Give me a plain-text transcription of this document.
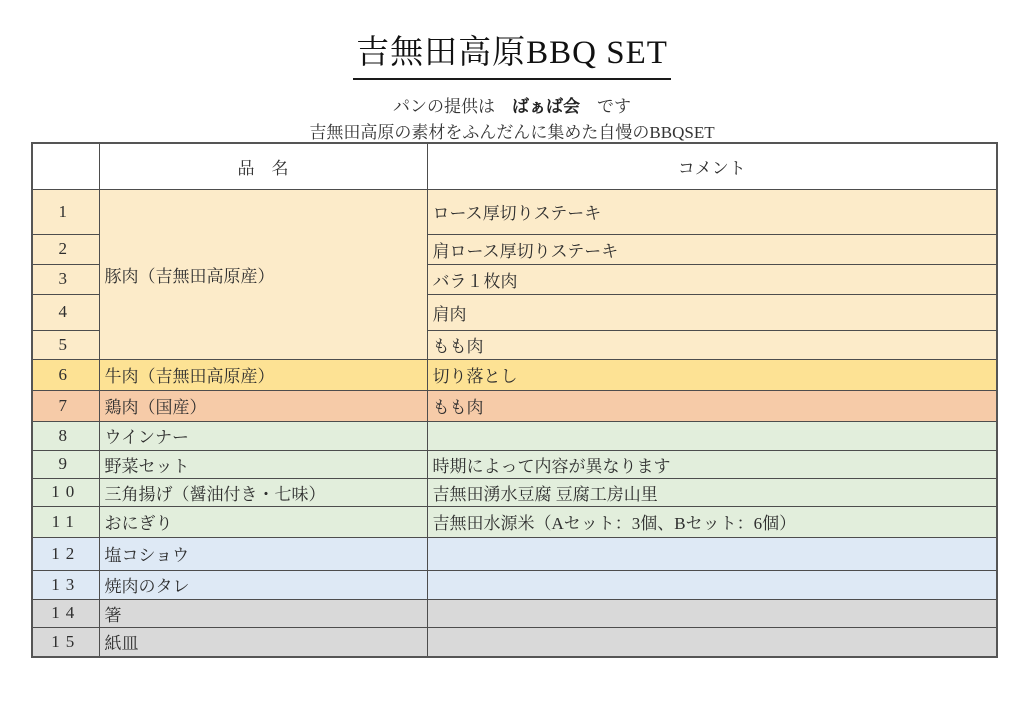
吉無田高原BBQ SET
パンの提供は　ばぁば会　です
吉無田高原の素材をふんだんに集めた自慢のBBQSET
	品　名	コメント
1	豚肉（吉無田高原産）	ロース厚切りステーキ
2		肩ロース厚切りステーキ
3		バラ１枚肉
4		肩肉
5		もも肉
6	牛肉（吉無田高原産）	切り落とし
7	鶏肉（国産）	もも肉
8	ウインナー	
9	野菜セット	時期によって内容が異なります
10	三角揚げ（醤油付き・七味）	吉無田湧水豆腐 豆腐工房山里
11	おにぎり	吉無田水源米（Aセット：3個、Bセット：6個）
12	塩コショウ	
13	焼肉のタレ	
14	箸	
15	紙皿	
